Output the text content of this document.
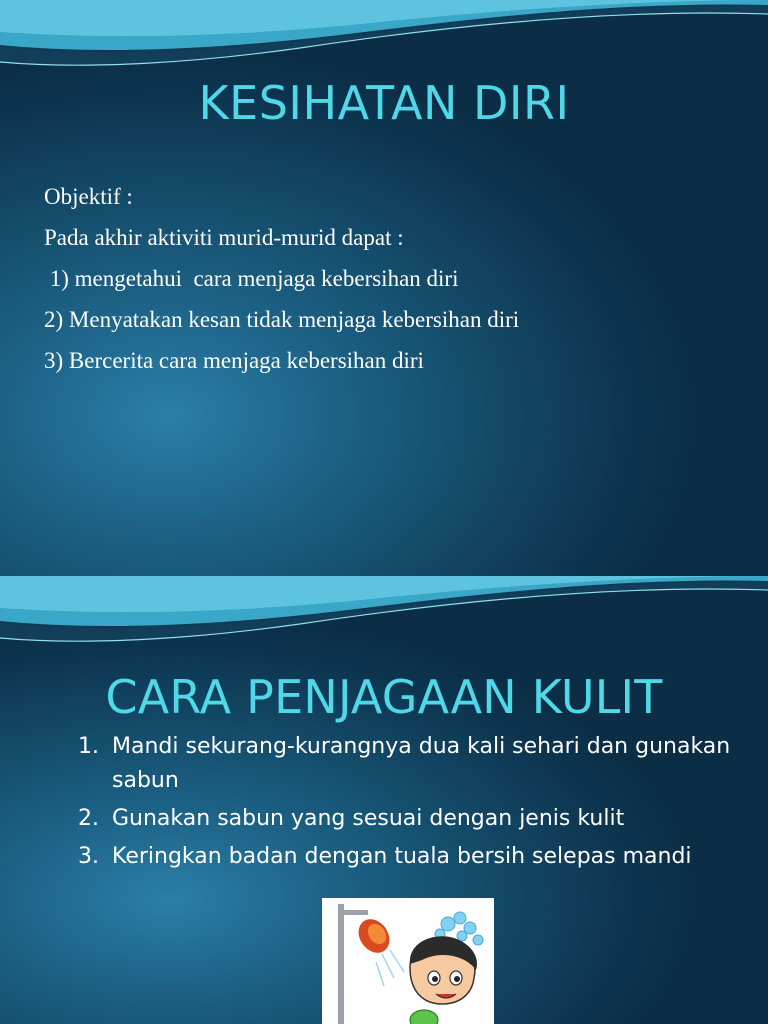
KESIHATAN DIRI
Objektif :
Pada akhir aktiviti murid-murid dapat :
1) mengetahui  cara menjaga kebersihan diri
2) Menyatakan kesan tidak menjaga kebersihan diri
3) Bercerita cara menjaga kebersihan diri
CARA PENJAGAAN KULIT
1. Mandi sekurang-kurangnya dua kali sehari dan gunakan sabun
2. Gunakan sabun yang sesuai dengan jenis kulit
3. Keringkan badan dengan tuala bersih selepas mandi
